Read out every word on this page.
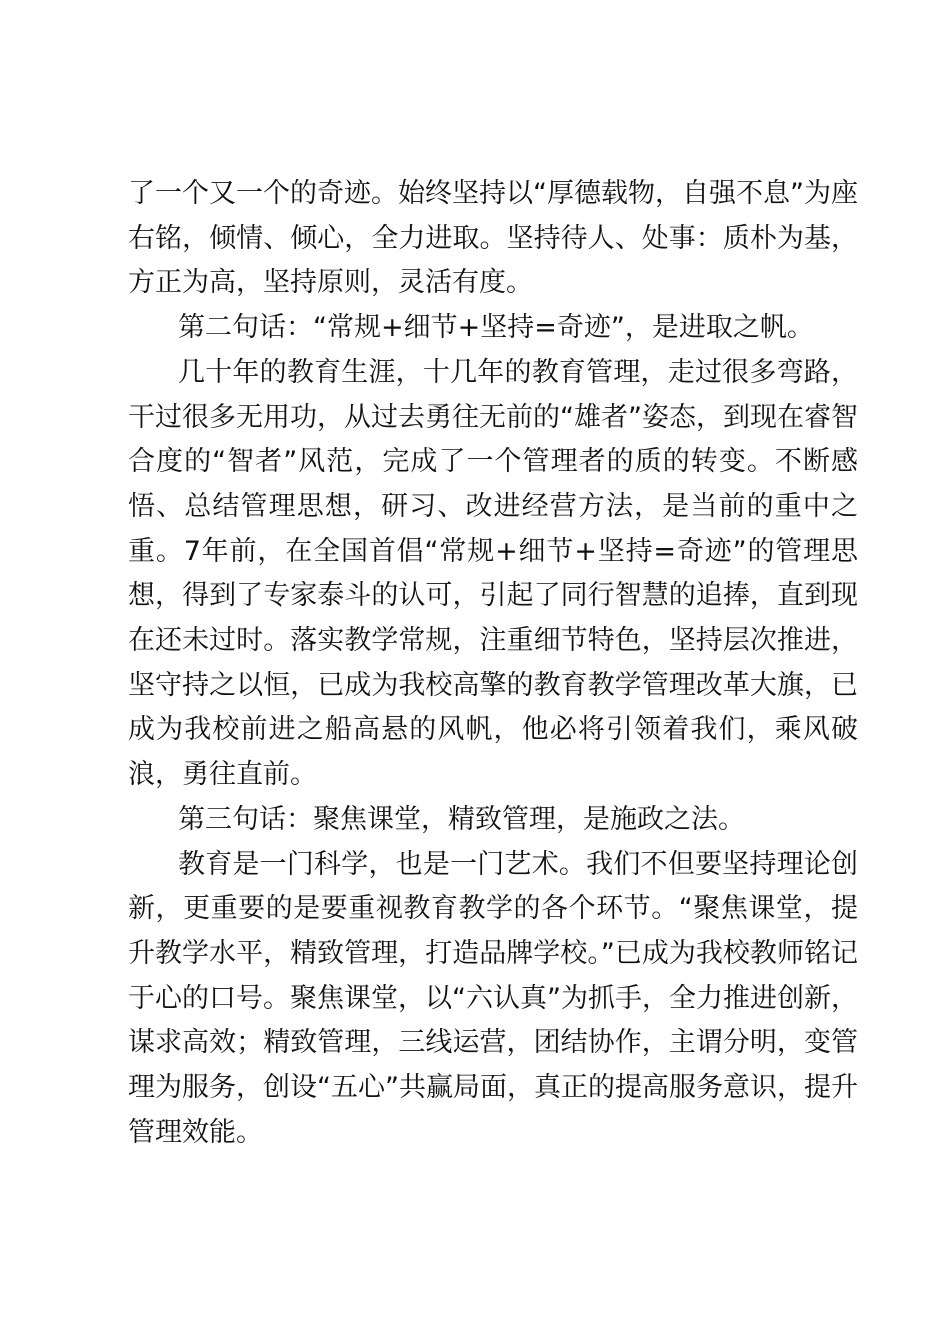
了一个又一个的奇迹。始终坚持以“厚德载物，自强不息”为座右铭，倾情、倾心，全力进取。坚持待人、处事：质朴为基，方正为高，坚持原则，灵活有度。

第二句话：“常规+细节+坚持=奇迹”，是进取之帆。

几十年的教育生涯，十几年的教育管理，走过很多弯路，干过很多无用功，从过去勇往无前的“雄者”姿态，到现在睿智合度的“智者”风范，完成了一个管理者的质的转变。不断感悟、总结管理思想，研习、改进经营方法，是当前的重中之重。7年前，在全国首倡“常规+细节+坚持=奇迹”的管理思想，得到了专家泰斗的认可，引起了同行智慧的追捧，直到现在还未过时。落实教学常规，注重细节特色，坚持层次推进，坚守持之以恒，已成为我校高擎的教育教学管理改革大旗，已成为我校前进之船高悬的风帆，他必将引领着我们，乘风破浪，勇往直前。

第三句话：聚焦课堂，精致管理，是施政之法。

教育是一门科学，也是一门艺术。我们不但要坚持理论创新，更重要的是要重视教育教学的各个环节。“聚焦课堂，提升教学水平，精致管理，打造品牌学校。”已成为我校教师铭记于心的口号。聚焦课堂，以“六认真”为抓手，全力推进创新，谋求高效；精致管理，三线运营，团结协作，主谓分明，变管理为服务，创设“五心”共赢局面，真正的提高服务意识，提升管理效能。
